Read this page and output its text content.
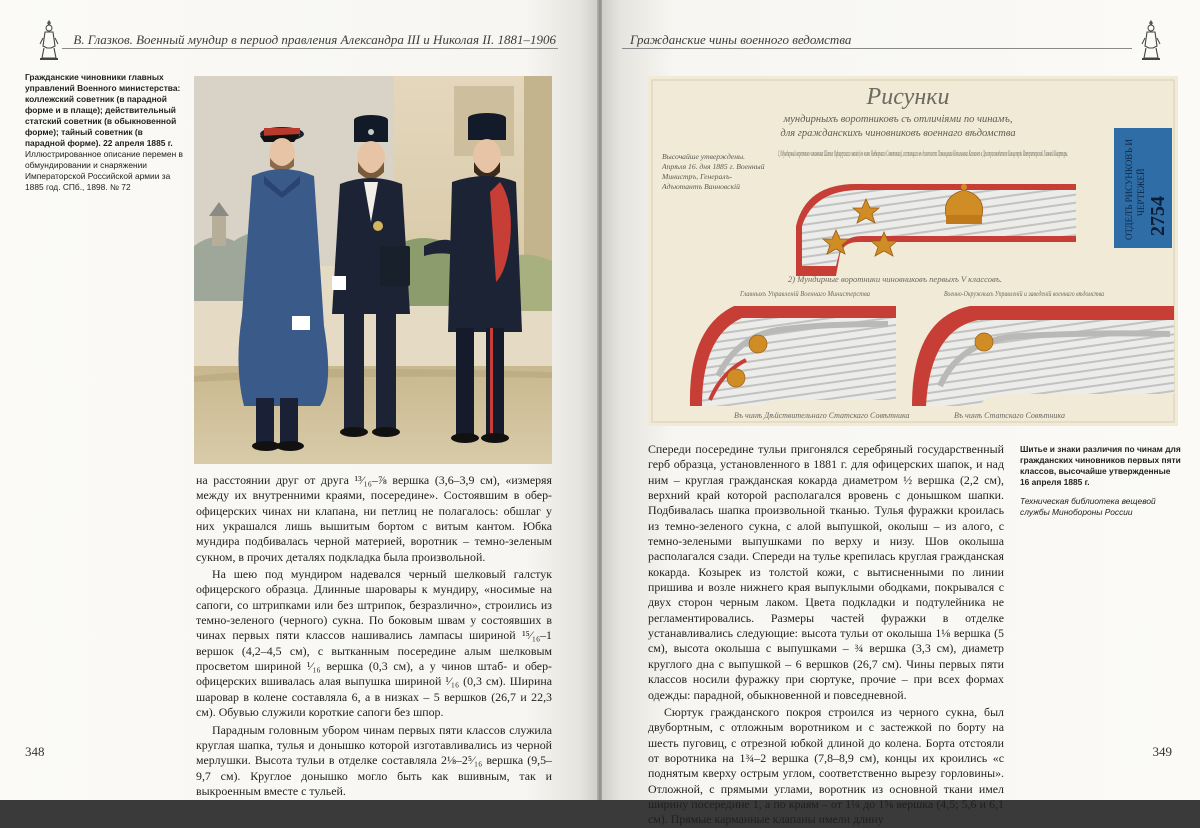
В. Глазков. Военный мундир в период правления Александра III и Николая II. 1881–1906
Гражданские чиновники главных управлений Военного министерства: коллежский советник (в парадной форме и в плаще); действительный статский советник (в обыкновенной форме); тайный советник (в парадной форме). 22 апреля 1885 г. Иллюстрированное описание перемен в обмундировании и снаряжении Императорской Российской армии за 1885 год. СПб., 1898. № 72

на расстоянии друг от друга ¹³⁄₁₆–⅞ вершка (3,6–3,9 см), «измеряя между их внутренними краями, посередине». Состоявшим в обер-офицерских чинах ни клапана, ни петлиц не полагалось: обшлаг у них украшался лишь вышитым бортом с витым кантом. Юбка мундира подбивалась черной материей, воротник – темно-зеленым сукном, в прочих деталях подкладка была произвольной.

На шею под мундиром надевался черный шелковый галстук офицерского образца. Длинные шаровары к мундиру, «носимые на сапоги, со штрипками или без штрипок, безразлично», строились из темно-зеленого (черного) сукна. По боковым швам у состоявших в чинах первых пяти классов нашивались лампасы шириной ¹⁵⁄₁₆–1 вершок (4,2–4,5 см), с вытканным посередине алым шелковым просветом шириной ¹⁄₁₆ вершка (0,3 см), а у чинов штаб- и обер-офицерских вшивалась алая выпушка шириной ¹⁄₁₆ (0,3 см). Ширина шаровар в колене составляла 6, а в низках – 5 вершков (26,7 и 22,3 см). Обувью служили короткие сапоги без шпор.

Парадным головным убором чинам первых пяти классов служила круглая шапка, тулья и донышко которой изготавливались из черной мерлушки. Высота тульи в отделке составляла 2⅛–2⁵⁄₁₆ вершка (9,5–9,7 см). Круглое донышко могло быть как вшивным, так и выкроенным вместе с тульей.

348
Гражданские чины военного ведомства
Рисунки
мундирныхъ воротниковъ съ отличiями по чинамъ,
для гражданскихъ чиновниковъ военнаго вѣдомства
1) Мундирный воротникъ чиновника Шитье Офицерскаго званiя (въ чинѣ Надворнаго Совѣтника), состоящаго въ должности Помощника Начальника Казначея и Делопроизводителя Канцелярiи Императорской Главной Квартиры.
Высочайше утверждены. Апрѣля 16. дня 1885 г. Военный Министръ, Генералъ-Адъютантъ Ванновскiй	ОТДЕЛЪ РИСУНКОВЪ И ЧЕРТЕЖЕЙ 2754
2) Мундирные воротники чиновниковъ первыхъ V классовъ.
Главныхъ Управленiй Военнаго Министерства	Военно-Окружныхъ Управленiй и заведенiй военнаго вѣдомства
Въ чинѣ Дѣйствительнаго Статскаго Совѣтника	Въ чинѣ Статскаго Совѣтника

Спереди посередине тульи пригонялся серебряный государственный герб образца, установленного в 1881 г. для офицерских шапок, и над ним – круглая гражданская кокарда диаметром ½ вершка (2,2 см), верхний край которой располагался вровень с донышком шапки. Подбивалась шапка произвольной тканью. Тулья фуражки кроилась из темно-зеленого сукна, с алой выпушкой, околыш – из алого, с темно-зелеными выпушками по верху и низу. Шов околыша располагался сзади. Спереди на тулье крепилась круглая гражданская кокарда. Козырек из толстой кожи, с вытисненными по линии пришива и возле нижнего края выпуклыми ободками, покрывался с двух сторон черным лаком. Цвета подкладки и подтулейника не регламентировались. Размеры частей фуражки в отделке устанавливались следующие: высота тульи от околыша 1⅛ вершка (5 см), высота околыша с выпушками – ¾ вершка (3,3 см), диаметр круглого дна с выпушкой – 6 вершков (26,7 см). Чины первых пяти классов носили фуражку при сюртуке, прочие – при всех формах одежды: парадной, обыкновенной и повседневной.

Сюртук гражданского покроя строился из черного сукна, был двубортным, с отложным воротником и с застежкой по борту на шесть пуговиц, с отрезной юбкой длиной до колена. Борта отстояли от воротника на 1¾–2 вершка (7,8–8,9 см), концы их кроились «с поднятым кверху острым углом, соответственно вырезу горловины». Отложной, с прямыми углами, воротник из основной ткани имел ширину посередине 1, а по краям – от 1¼ до 1⅜ вершка (4,5; 5,6 и 6,1 см). Прямые карманные клапаны имели длину

Шитье и знаки различия по чинам для гражданских чиновников первых пяти классов, высочайше утвержденные 16 апреля 1885 г.
Техническая библиотека вещевой службы Минобороны России
349
